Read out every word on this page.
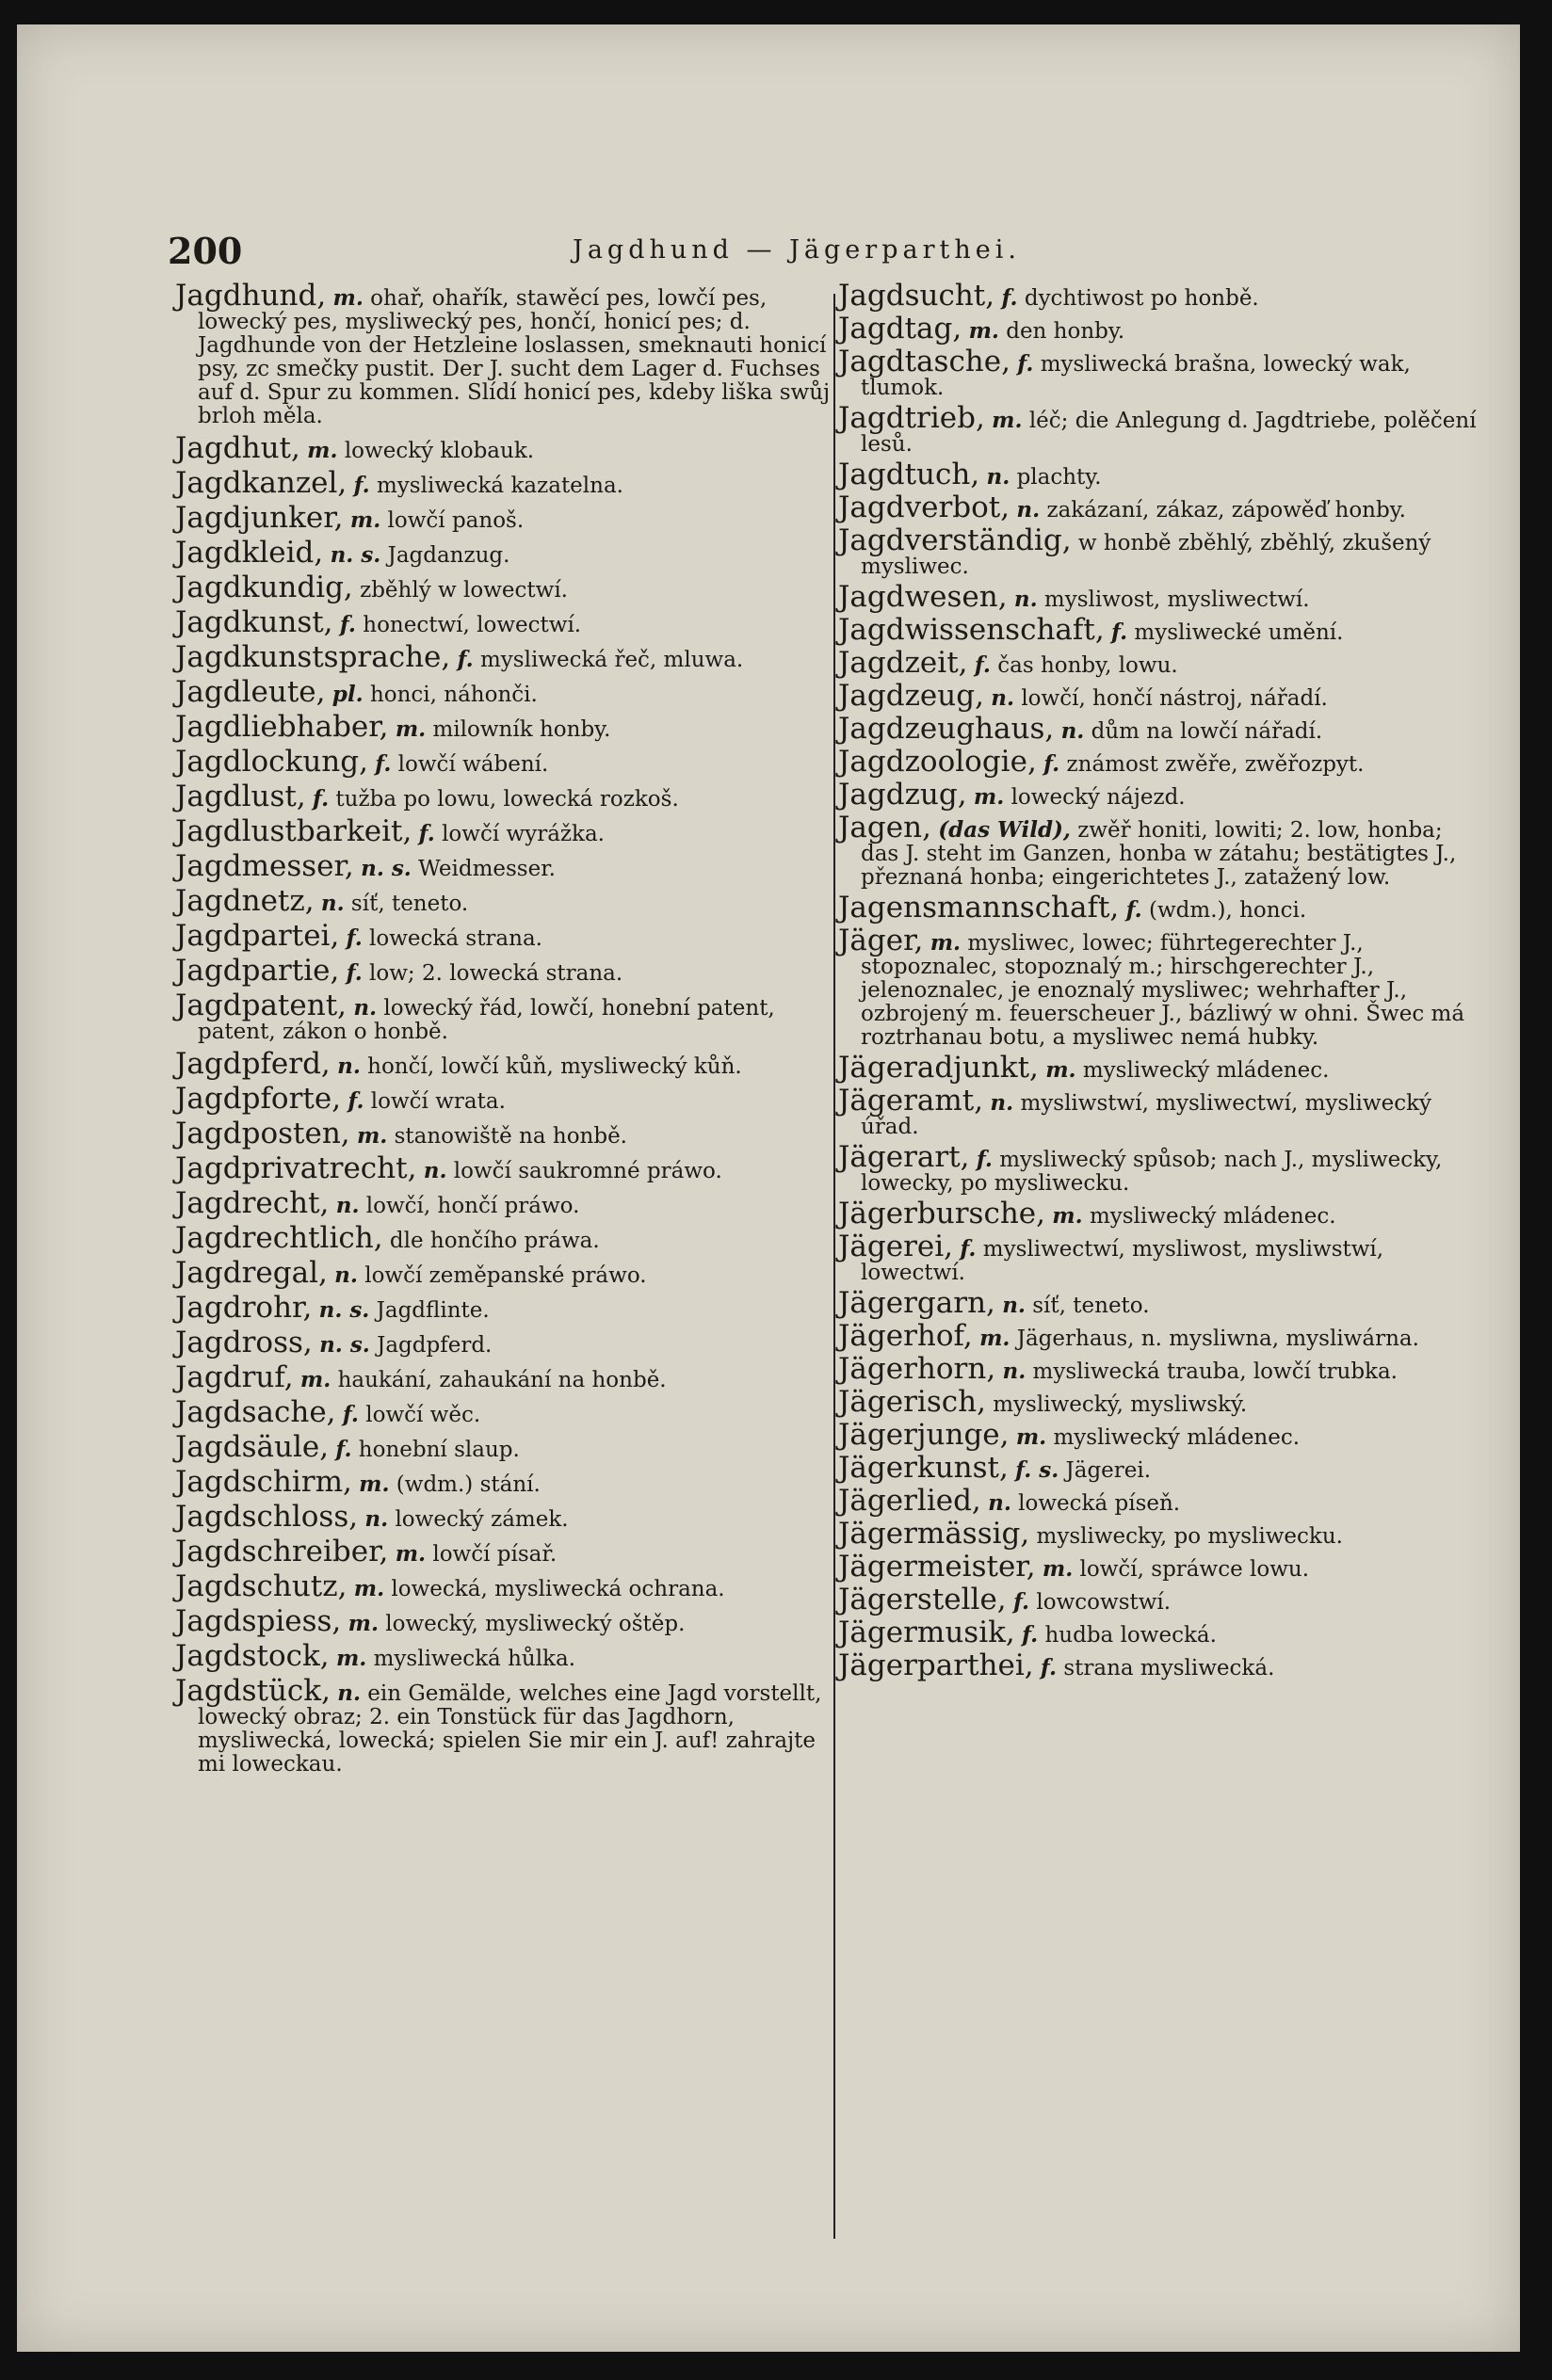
200	Jagdhund — Jägerparthei.

Jagdhund, m. ohař, ohařík, stawěcí pes, lowčí pes, lowecký pes, mysliwecký pes, hončí, honicí pes; d. Jagdhunde von der Hetzleine loslassen, smeknauti honicí psy, zc smečky pustit. Der J. sucht dem Lager d. Fuchses auf d. Spur zu kommen. Slídí honicí pes, kdeby liška swůj brloh měla.

Jagdhut, m. lowecký klobauk.

Jagdkanzel, f. mysliwecká kazatelna.

Jagdjunker, m. lowčí panoš.

Jagdkleid, n. s. Jagdanzug.

Jagdkundig, zběhlý w lowectwí.

Jagdkunst, f. honectwí, lowectwí.

Jagdkunstsprache, f. mysliwecká řeč, mluwa.

Jagdleute, pl. honci, náhonči.

Jagdliebhaber, m. milowník honby.

Jagdlockung, f. lowčí wábení.

Jagdlust, f. tužba po lowu, lowecká rozkoš.

Jagdlustbarkeit, f. lowčí wyrážka.

Jagdmesser, n. s. Weidmesser.

Jagdnetz, n. síť, teneto.

Jagdpartei, f. lowecká strana.

Jagdpartie, f. low; 2. lowecká strana.

Jagdpatent, n. lowecký řád, lowčí, honební patent, patent, zákon o honbě.

Jagdpferd, n. hončí, lowčí kůň, mysliwecký kůň.

Jagdpforte, f. lowčí wrata.

Jagdposten, m. stanowiště na honbě.

Jagdprivatrecht, n. lowčí saukromné práwo.

Jagdrecht, n. lowčí, hončí práwo.

Jagdrechtlich, dle hončího práwa.

Jagdregal, n. lowčí zeměpanské práwo.

Jagdrohr, n. s. Jagdflinte.

Jagdross, n. s. Jagdpferd.

Jagdruf, m. haukání, zahaukání na honbě.

Jagdsache, f. lowčí wěc.

Jagdsäule, f. honební slaup.

Jagdschirm, m. (wdm.) stání.

Jagdschloss, n. lowecký zámek.

Jagdschreiber, m. lowčí písař.

Jagdschutz, m. lowecká, mysliwecká ochrana.

Jagdspiess, m. lowecký, mysliwecký oštěp.

Jagdstock, m. mysliwecká hůlka.

Jagdstück, n. ein Gemälde, welches eine Jagd vorstellt, lowecký obraz; 2. ein Tonstück für das Jagdhorn, mysliwecká, lowecká; spielen Sie mir ein J. auf! zahrajte mi loweckau.

Jagdsucht, f. dychtiwost po honbě.

Jagdtag, m. den honby.

Jagdtasche, f. mysliwecká brašna, lowecký wak, tlumok.

Jagdtrieb, m. léč; die Anlegung d. Jagdtriebe, polěčení lesů.

Jagdtuch, n. plachty.

Jagdverbot, n. zakázaní, zákaz, zápowěď honby.

Jagdverständig, w honbě zběhlý, zběhlý, zkušený mysliwec.

Jagdwesen, n. mysliwost, mysliwectwí.

Jagdwissenschaft, f. mysliwecké umění.

Jagdzeit, f. čas honby, lowu.

Jagdzeug, n. lowčí, hončí nástroj, nářadí.

Jagdzeughaus, n. dům na lowčí nářadí.

Jagdzoologie, f. známost zwěře, zwěřozpyt.

Jagdzug, m. lowecký nájezd.

Jagen, (das Wild), zwěř honiti, lowiti; 2. low, honba; das J. steht im Ganzen, honba w zátahu; bestätigtes J., přeznaná honba; eingerichtetes J., zatažený low.

Jagensmannschaft, f. (wdm.), honci.

Jäger, m. mysliwec, lowec; führtegerechter J., stopoznalec, stopoznalý m.; hirschgerechter J., jelenoznalec, je enoznalý mysliwec; wehrhafter J., ozbrojený m. feuerscheuer J., bázliwý w ohni. Šwec má roztrhanau botu, a mysliwec nemá hubky.

Jägeradjunkt, m. mysliwecký mládenec.

Jägeramt, n. mysliwstwí, mysliwectwí, mysliwecký úřad.

Jägerart, f. mysliwecký spůsob; nach J., mysliwecky, lowecky, po mysliwecku.

Jägerbursche, m. mysliwecký mládenec.

Jägerei, f. mysliwectwí, mysliwost, mysliwstwí, lowectwí.

Jägergarn, n. síť, teneto.

Jägerhof, m. Jägerhaus, n. mysliwna, mysliwárna.

Jägerhorn, n. mysliwecká trauba, lowčí trubka.

Jägerisch, mysliwecký, mysliwský.

Jägerjunge, m. mysliwecký mládenec.

Jägerkunst, f. s. Jägerei.

Jägerlied, n. lowecká píseň.

Jägermässig, mysliwecky, po mysliwecku.

Jägermeister, m. lowčí, spráwce lowu.

Jägerstelle, f. lowcowstwí.

Jägermusik, f. hudba lowecká.

Jägerparthei, f. strana mysliwecká.
